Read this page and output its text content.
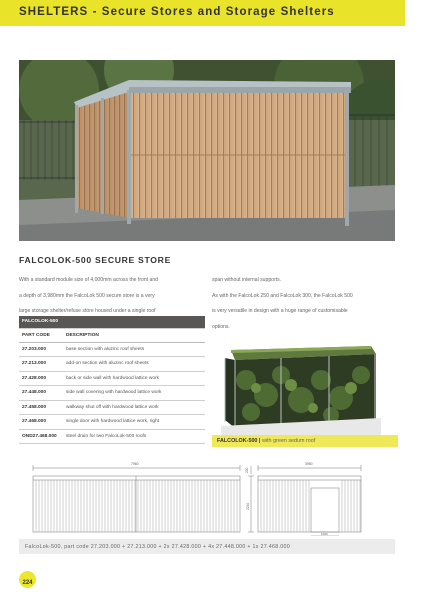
SHELTERS - Secure Stores and Storage Shelters
FALCOLOK-500 SECURE STORE
With a standard module size of 4,000mm across the front and
a depth of 3,980mm the FalcoLok 500 secure store is a very
large storage shelter/refuse store housed under a single roof
span without internal supports.
As with the FalcoLok 250 and FalcoLok 300, the FalcoLok 500
is very versatile in design with a huge range of customisable
options.
FALCOLOK-500	
PART CODE	DESCRIPTION
27.203.000	base section with aluzinc roof sheets
27.213.000	add-on section with aluzinc roof sheets
27.428.000	back or side wall with hardwood lattice work
27.448.000	side wall covering with hardwood lattice work
27.458.000	walkway shut off with hardwood lattice work
27.468.000	single door with hardwood lattice work, right
OND27.468.000	steel drain for two FalcoLok-500 roofs
FALCOLOK-500 | with green sedum roof
7960	3980
2240
220
1000
FalcoLok-500, part code 27.203.000 + 27.213.000 + 2x 27.428.000 + 4x 27.448.000 + 1x 27.468.000
224
